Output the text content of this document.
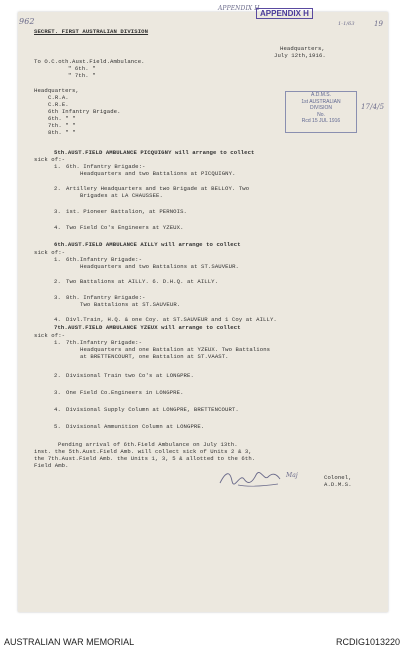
962
APPENDIX H
APPENDIX H
19
1-1/63
SECRET. FIRST AUSTRALIAN DIVISION
Headquarters,
July 12th,1916.
To O.C.oth.Aust.Field.Ambulance.
" 6th. "
" 7th. "
Headquarters,
C.R.A.
C.R.E.
6th Infantry Brigade.
6th. " "
7th. " "
8th. " "
A.D.M.S.
1st AUSTRALIAN
DIVISION
No.
Rcd 15 JUL 1916
17/4/5
5th.AUST.FIELD AMBULANCE PICQUIGNY will arrange to collect
sick of:-
1. 6th. Infantry Brigade:-
Headquarters and two Battalions at PICQUIGNY.
2. Artillery Headquarters and two Brigade at BELLOY. Two
Brigades at LA CHAUSSEE.
3. 1st. Pioneer Battalion, at PERNOIS.
4. Two Field Co's Engineers at YZEUX.
6th.AUST.FIELD AMBULANCE AILLY will arrange to collect
sick of:-
1. 6th.Infantry Brigade:-
Headquarters and two Battalions at ST.SAUVEUR.
2. Two Battalions at AILLY. 6. D.H.Q. at AILLY.
3. 8th. Infantry Brigade:-
Two Battalions at ST.SAUVEUR.
4. Divl.Train, H.Q. & one Coy. at ST.SAUVEUR and 1 Coy at AILLY.
7th.AUST.FIELD AMBULANCE YZEUX will arrange to collect
sick of:-
1. 7th.Infantry Brigade:-
Headquarters and one Battalion at YZEUX. Two Battalions
at BRETTENCOURT, one Battalion at ST.VAAST.
2. Divisional Train two Co's at LONGPRE.
3. One Field Co.Engineers in LONGPRE.
4. Divisional Supply Column at LONGPRE, BRETTENCOURT.
5. Divisional Ammunition Column at LONGPRE.
Pending arrival of 6th.Field Ambulance on July 13th.
inst. the 5th.Aust.Field Amb. will collect sick of Units 2 & 3,
the 7th.Aust.Field Amb. the Units 1, 3, 5 & allotted to the 6th.
Field Amb.
Maj	Colonel,
A.D.M.S.
AUSTRALIAN WAR MEMORIAL	RCDIG1013220
